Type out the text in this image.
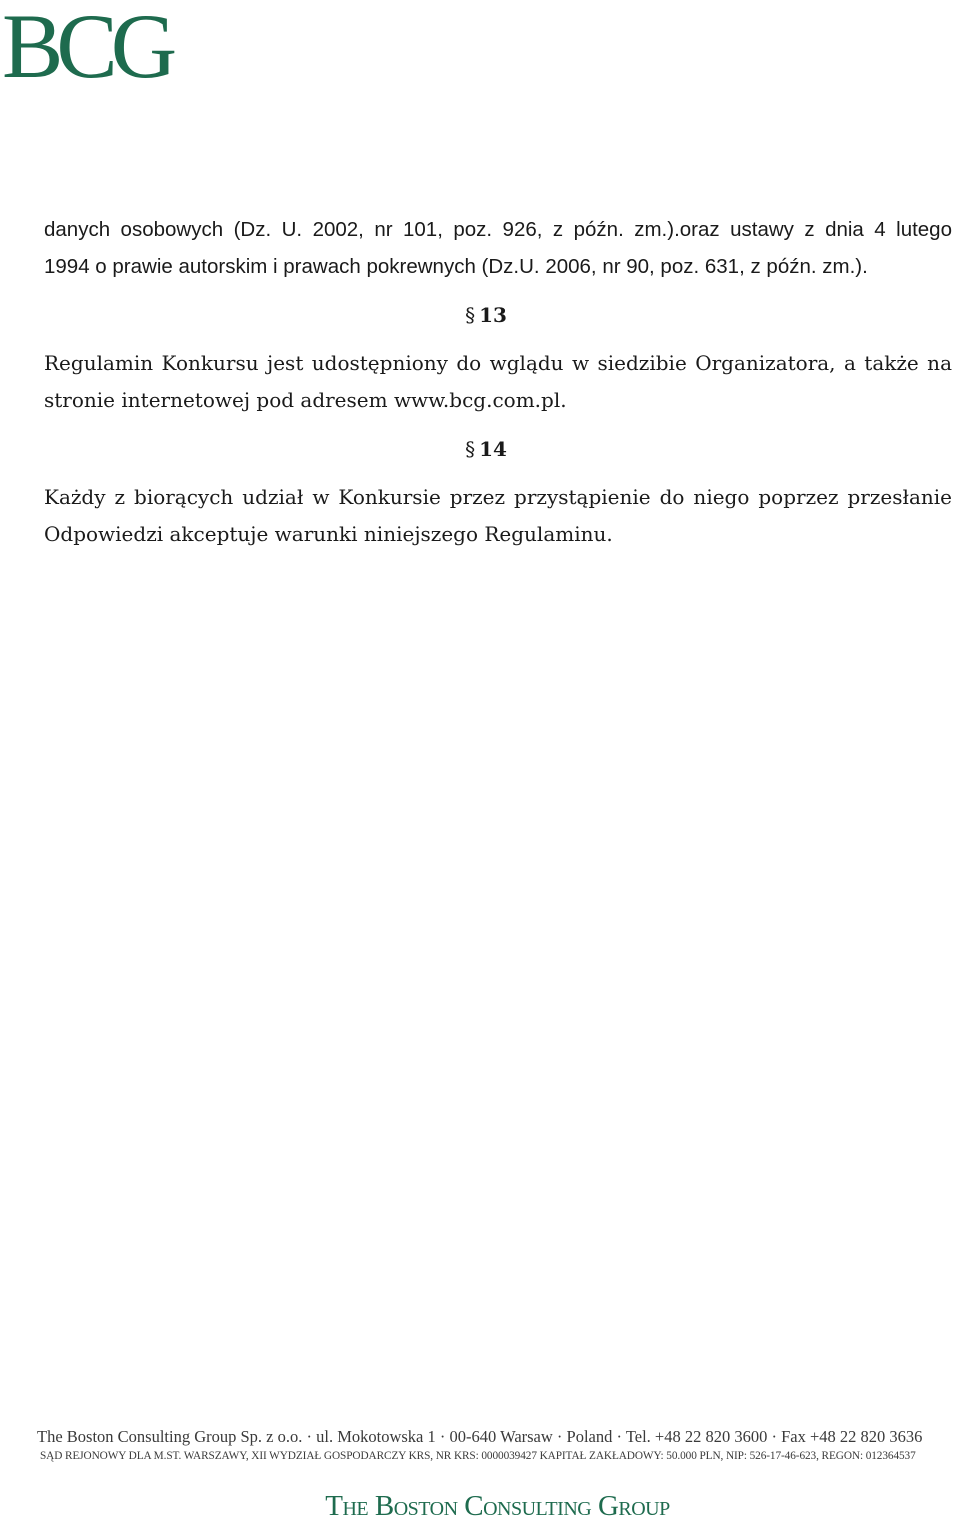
BCG
danych osobowych (Dz. U. 2002, nr 101, poz. 926, z późn. zm.).oraz ustawy z dnia 4 lutego
1994 o prawie autorskim i prawach pokrewnych (Dz.U. 2006, nr 90, poz. 631, z późn. zm.).
§ 13
Regulamin Konkursu jest udostępniony do wglądu w siedzibie Organizatora, a także na stronie internetowej pod adresem www.bcg.com.pl.
§ 14
Każdy z biorących udział w Konkursie przez przystąpienie do niego poprzez przesłanie Odpowiedzi akceptuje warunki niniejszego Regulaminu.
The Boston Consulting Group Sp. z o.o. · ul. Mokotowska 1 · 00-640 Warsaw · Poland · Tel. +48 22 820 3600 · Fax +48 22 820 3636
SĄD REJONOWY DLA M.ST. WARSZAWY, XII WYDZIAŁ GOSPODARCZY KRS, NR KRS: 0000039427 KAPITAŁ ZAKŁADOWY: 50.000 PLN, NIP: 526-17-46-623, REGON: 012364537
The Boston Consulting Group
